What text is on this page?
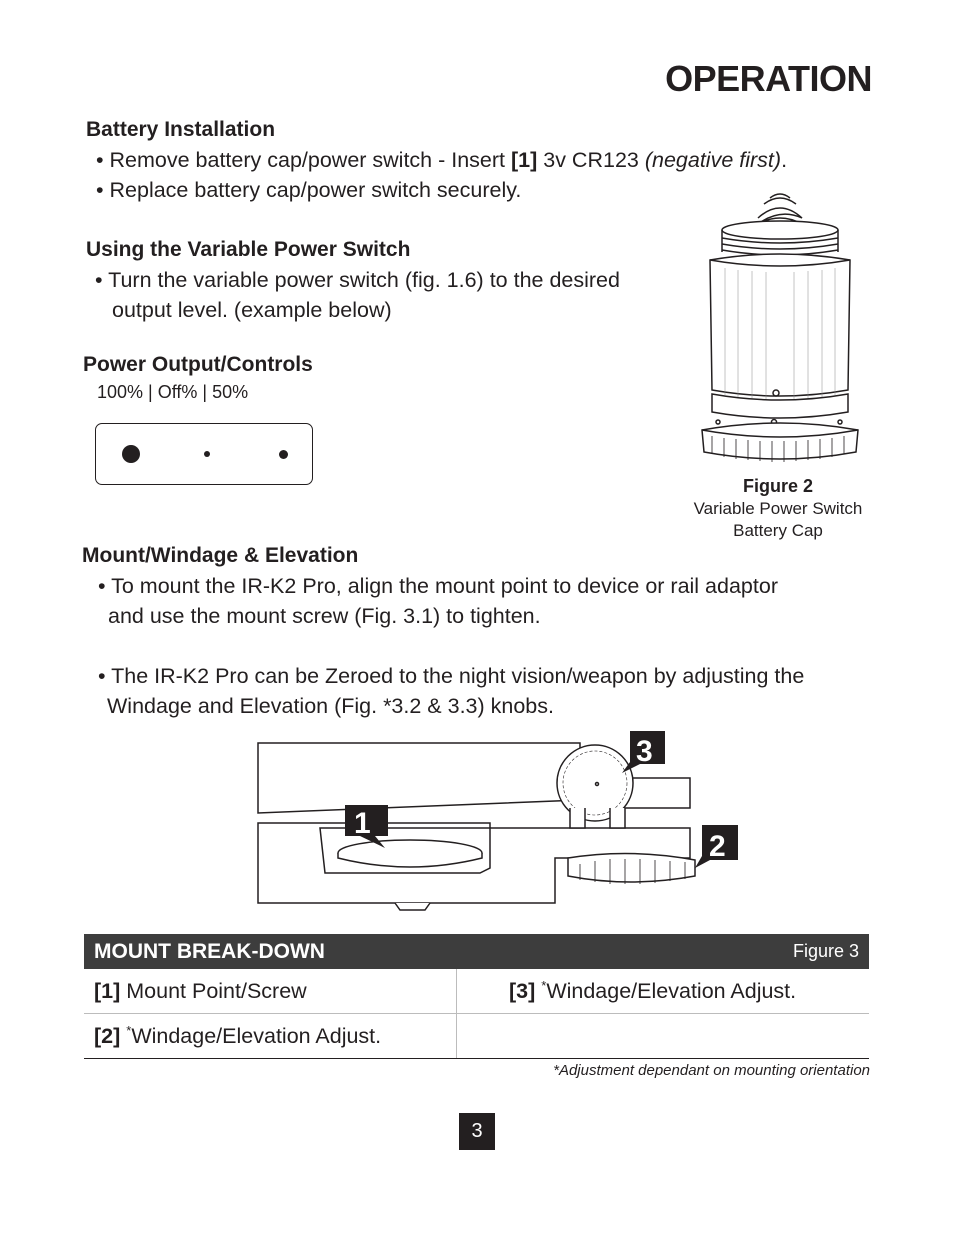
OPERATION
Battery Installation
• Remove battery cap/power switch - Insert [1] 3v CR123 (negative first).
• Replace battery cap/power switch securely.
Using the Variable Power Switch
• Turn the variable power switch (fig. 1.6) to the desired
output level. (example below)
Power Output/Controls
100% | Off% | 50%
Figure 2
Variable Power Switch
Battery Cap
Mount/Windage & Elevation
• To mount the IR-K2 Pro, align the mount point to device or rail adaptor
and use the mount screw (Fig. 3.1) to tighten.
• The IR-K2 Pro can be Zeroed to the night vision/weapon by adjusting the
Windage and Elevation (Fig. *3.2 & 3.3) knobs.
1
3
2
MOUNT BREAK-DOWN	Figure 3
[1] Mount Point/Screw	[3] *Windage/Elevation Adjust.
[2] *Windage/Elevation Adjust.	
*Adjustment dependant on mounting orientation
3
